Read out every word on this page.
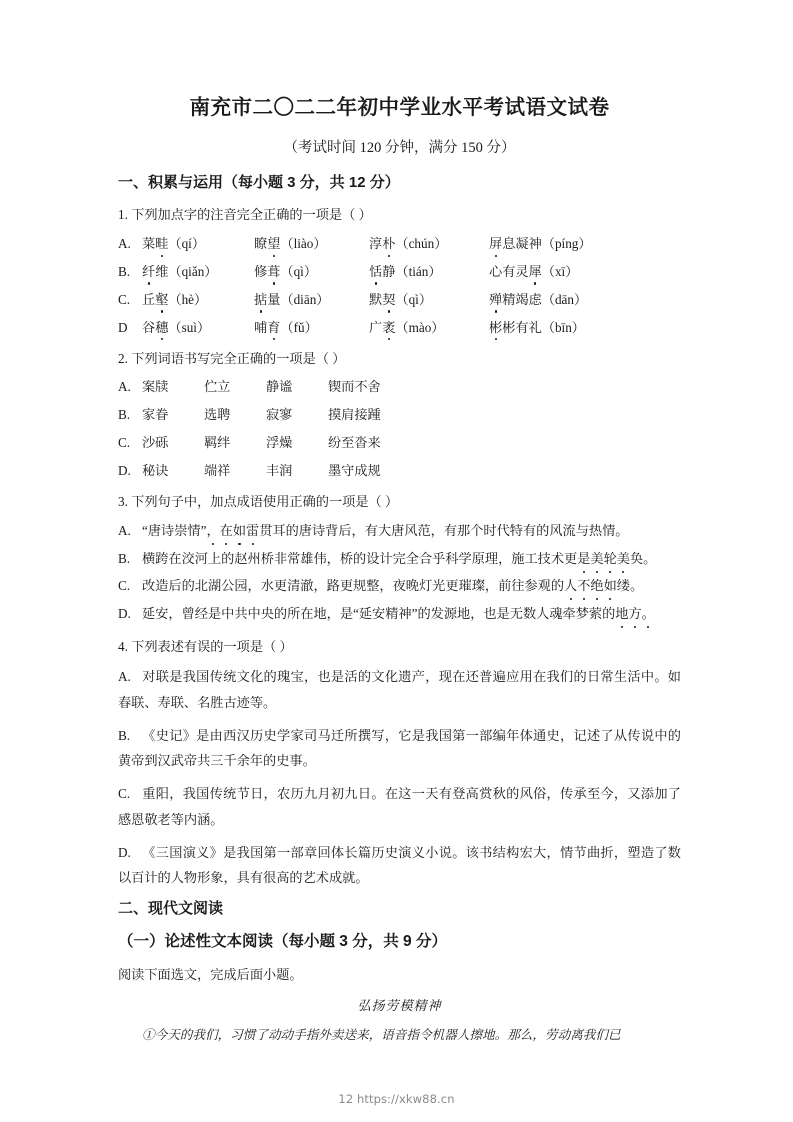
南充市二〇二二年初中学业水平考试语文试卷
（考试时间 120 分钟，满分 150 分）
一、积累与运用（每小题 3 分，共 12 分）
1. 下列加点字的注音完全正确的一项是（ ）
A. 菜畦（qí）	瞭望（liào）	淳朴（chún）	屏息凝神（píng）
B. 纤维（qiǎn）	修葺（qì）	恬静（tián）	心有灵犀（xī）
C. 丘壑（hè）	掂量（diān）	默契（qì）	殚精竭虑（dān）
D	谷穗（suì）	哺育（fǔ）	广袤（mào）	彬彬有礼（bīn）
2. 下列词语书写完全正确的一项是（ ）
A. 案牍	伫立	静谧	锲而不舍
B. 家眷	选聘	寂寥	摸肩接踵
C. 沙砾	羁绊	浮燥	纷至沓来
D. 秘诀	端祥	丰润	墨守成规
3. 下列句子中，加点成语使用正确的一项是（ ）
A. “唐诗崇情”，在如雷贯耳的唐诗背后，有大唐风范，有那个时代特有的风流与热情。
B. 横跨在洨河上的赵州桥非常雄伟，桥的设计完全合乎科学原理，施工技术更是美轮美奂。
C. 改造后的北湖公园，水更清澈，路更规整，夜晚灯光更璀璨，前往参观的人不绝如缕。
D. 延安，曾经是中共中央的所在地，是“延安精神”的发源地，也是无数人魂牵梦萦的地方。
4. 下列表述有误的一项是（ ）
A. 对联是我国传统文化的瑰宝，也是活的文化遗产，现在还普遍应用在我们的日常生活中。如春联、寿联、名胜古迹等。
B. 《史记》是由西汉历史学家司马迁所撰写，它是我国第一部编年体通史，记述了从传说中的黄帝到汉武帝共三千余年的史事。
C. 重阳，我国传统节日，农历九月初九日。在这一天有登高赏秋的风俗，传承至今，又添加了感恩敬老等内涵。
D. 《三国演义》是我国第一部章回体长篇历史演义小说。该书结构宏大，情节曲折，塑造了数以百计的人物形象，具有很高的艺术成就。
二、现代文阅读
（一）论述性文本阅读（每小题 3 分，共 9 分）
阅读下面选文，完成后面小题。
弘扬劳模精神
①今天的我们，习惯了动动手指外卖送来，语音指令机器人擦地。那么，劳动离我们已
12 https://xkw88.cn
